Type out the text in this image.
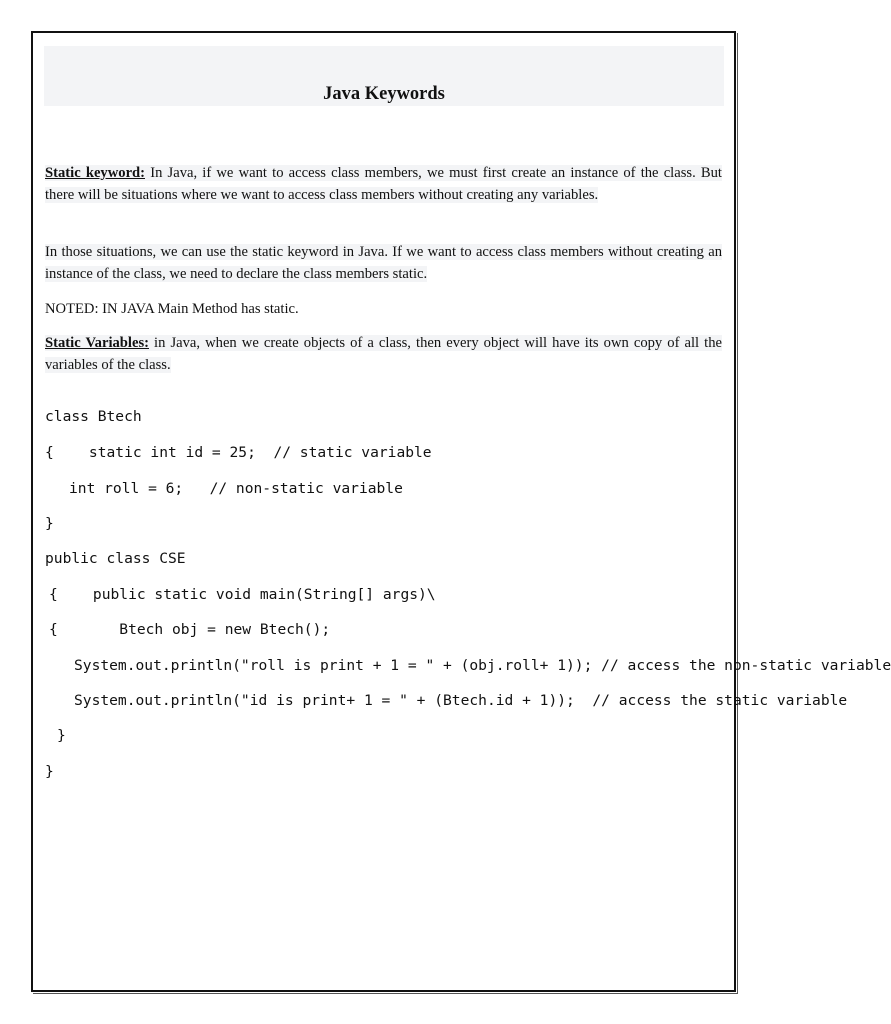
Java Keywords

Static keyword: In Java, if we want to access class members, we must first create an instance of the class. But there will be situations where we want to access class members without creating any variables.

In those situations, we can use the static keyword in Java. If we want to access class members without creating an instance of the class, we need to declare the class members static.

NOTED: IN JAVA Main Method has static.

Static Variables: in Java, when we create objects of a class, then every object will have its own copy of all the variables of the class.

class Btech
{    static int id = 25;  // static variable
int roll = 6;   // non-static variable
}
public class CSE
{    public static void main(String[] args)\
{       Btech obj = new Btech();
System.out.println("roll is print + 1 = " + (obj.roll+ 1)); // access the non-static variable
System.out.println("id is print+ 1 = " + (Btech.id + 1));  // access the static variable
}
}
